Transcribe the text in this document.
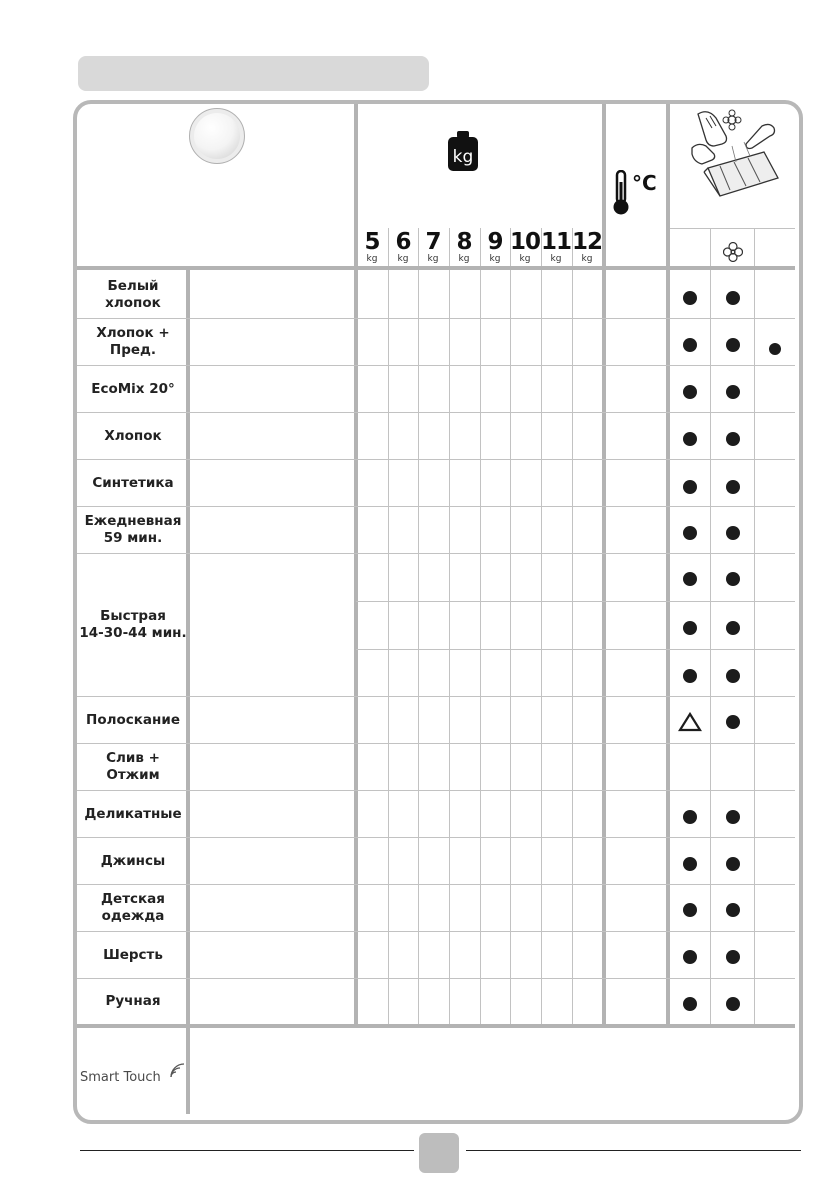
kg
°C
5
kg
6
kg
7
kg
8
kg
9
kg
10
kg
11
kg
12
kg
Белый
хлопок
Хлопок +
Пред.
EcoMix 20°
Хлопок
Синтетика
Ежедневная
59 мин.
Быстрая
14-30-44 мин.
Полоскание
Слив +
Отжим
Деликатные
Джинсы
Детская
одежда
Шерсть
Ручная
Smart Touch
